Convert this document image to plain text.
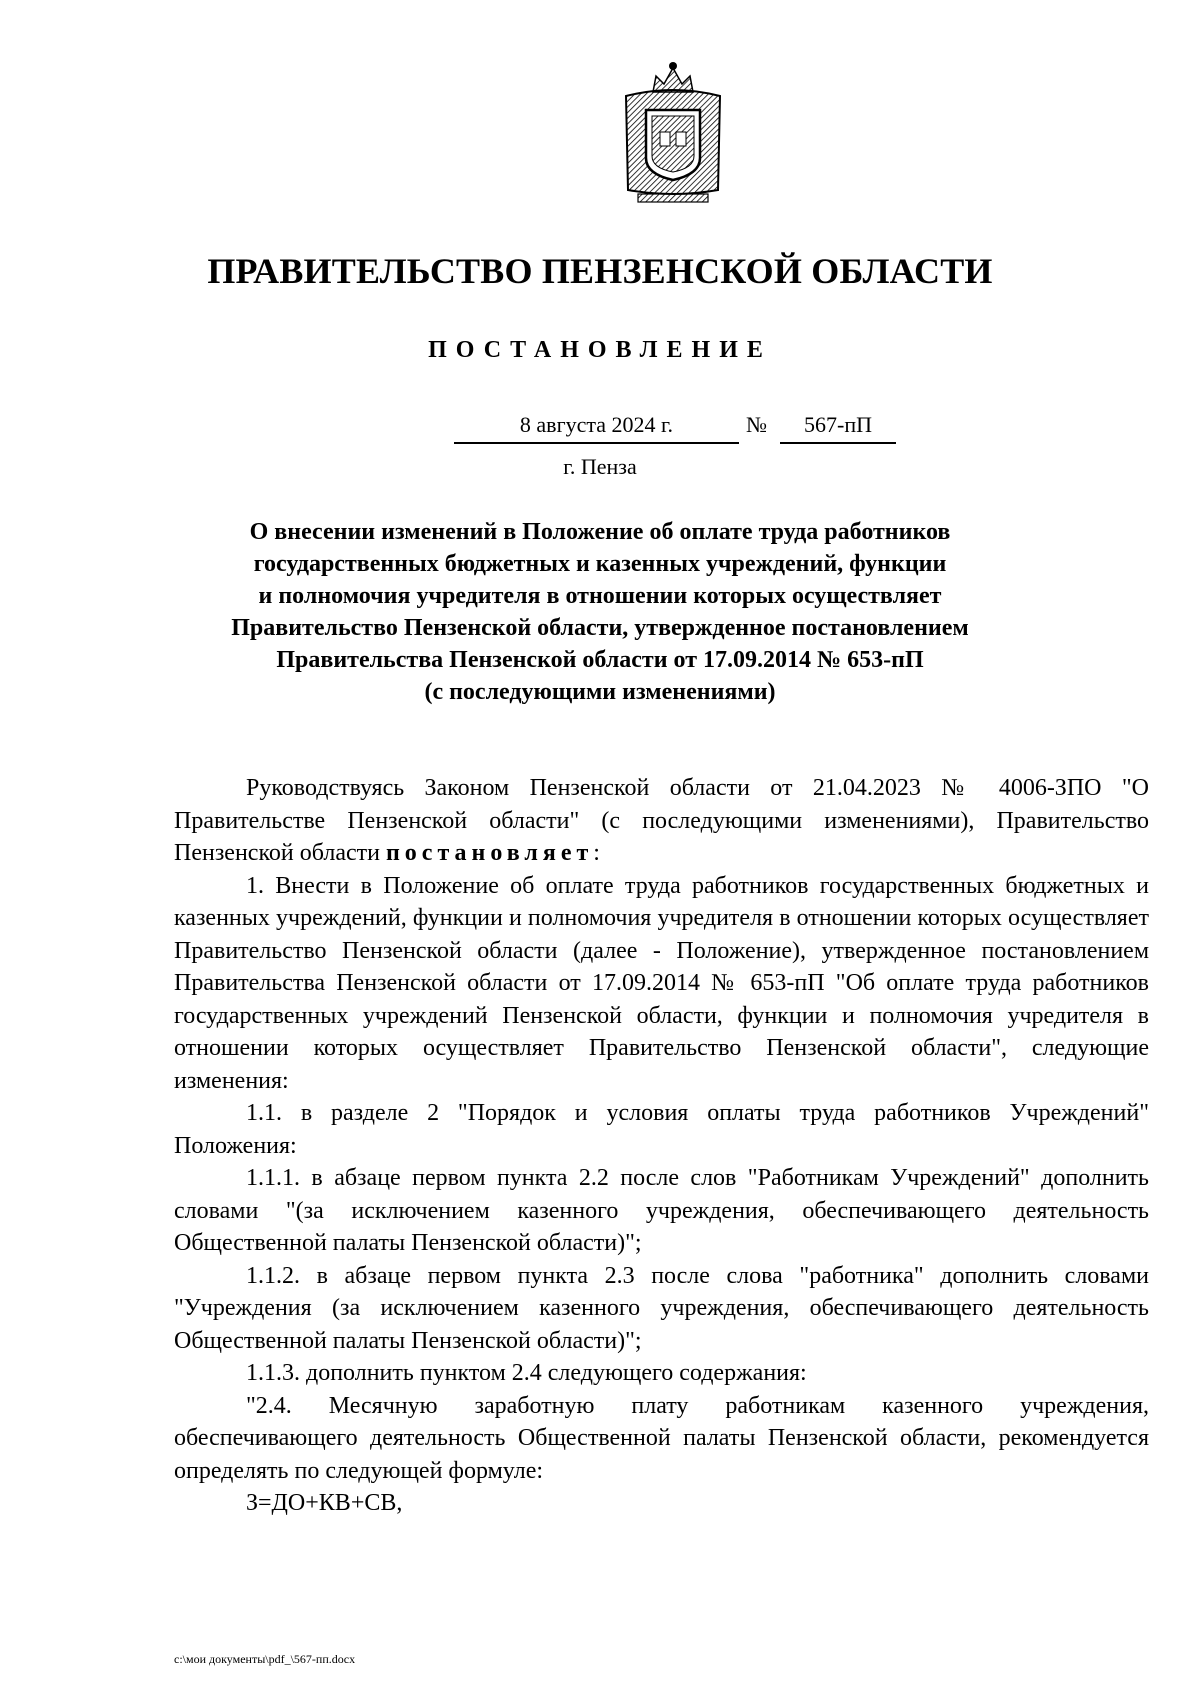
ПРАВИТЕЛЬСТВО ПЕНЗЕНСКОЙ ОБЛАСТИ
ПОСТАНОВЛЕНИЕ
8 августа 2024 г.	№	567-пП
г. Пенза
О внесении изменений в Положение об оплате труда работников
государственных бюджетных и казенных учреждений, функции
и полномочия учредителя в отношении которых осуществляет
Правительство Пензенской области, утвержденное постановлением
Правительства Пензенской области от 17.09.2014 № 653-пП
(с последующими изменениями)

Руководствуясь Законом Пензенской области от 21.04.2023 № 4006-ЗПО "О Правительстве Пензенской области" (с последующими изменениями), Правительство Пензенской области постановляет:

1. Внести в Положение об оплате труда работников государственных бюджетных и казенных учреждений, функции и полномочия учредителя в отношении которых осуществляет Правительство Пензенской области (далее - Положение), утвержденное постановлением Правительства Пензенской области от 17.09.2014 № 653-пП "Об оплате труда работников государственных учреждений Пензенской области, функции и полномочия учредителя в отношении которых осуществляет Правительство Пензенской области", следующие изменения:

1.1. в разделе 2 "Порядок и условия оплаты труда работников Учреждений" Положения:

1.1.1. в абзаце первом пункта 2.2 после слов "Работникам Учреждений" дополнить словами "(за исключением казенного учреждения, обеспечивающего деятельность Общественной палаты Пензенской области)";

1.1.2. в абзаце первом пункта 2.3 после слова "работника" дополнить словами "Учреждения (за исключением казенного учреждения, обеспечивающего деятельность Общественной палаты Пензенской области)";

1.1.3. дополнить пунктом 2.4 следующего содержания:

"2.4. Месячную заработную плату работникам казенного учреждения, обеспечивающего деятельность Общественной палаты Пензенской области, рекомендуется определять по следующей формуле:

З=ДО+КВ+СВ,

c:\мои документы\pdf_\567-пп.docx
